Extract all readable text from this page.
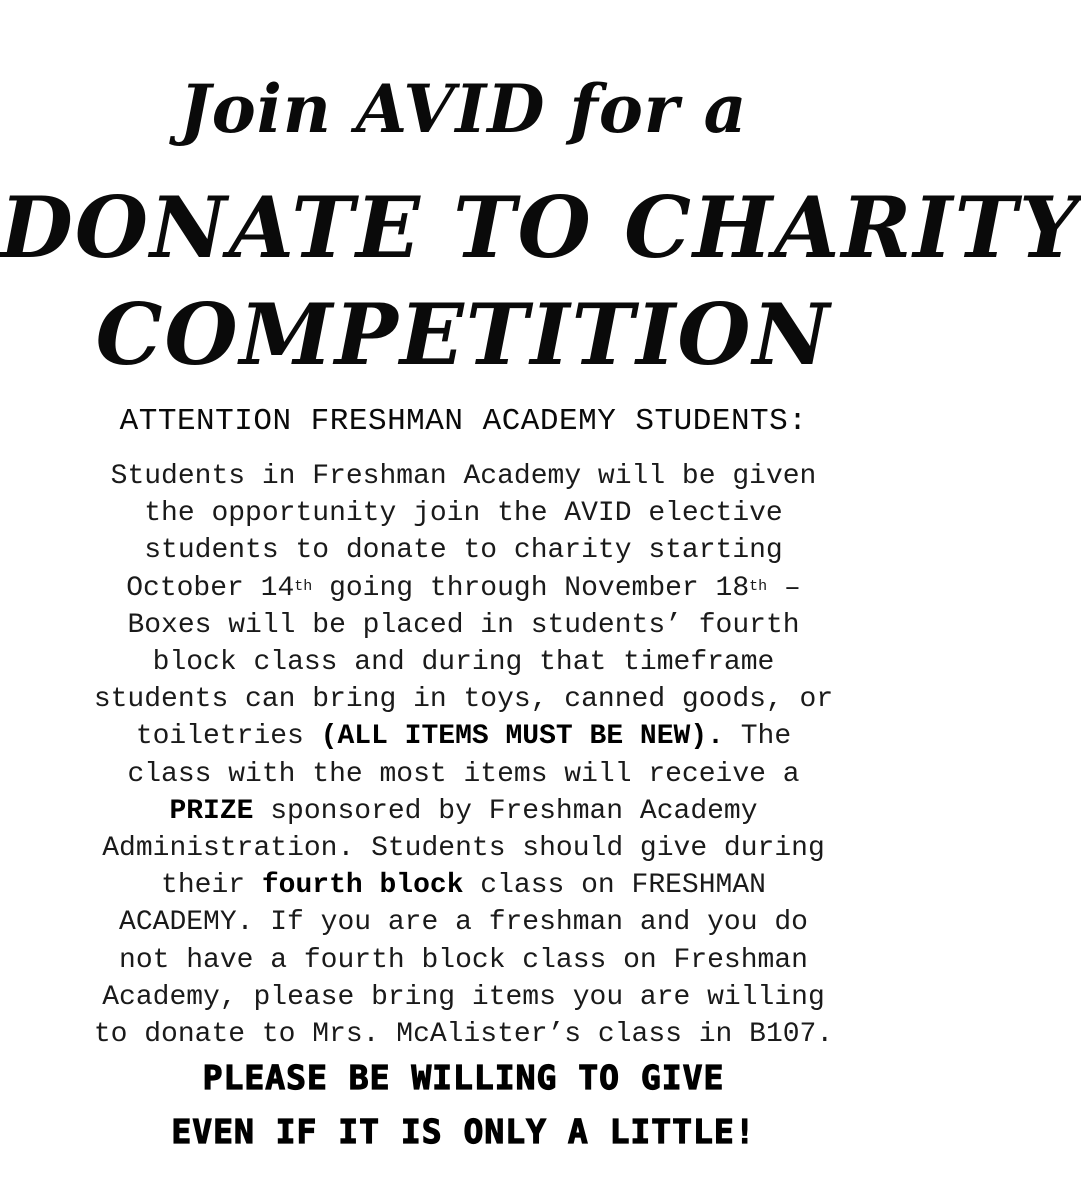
Join AVID for a
DONATE TO CHARITY
COMPETITION
ATTENTION FRESHMAN ACADEMY STUDENTS:
Students in Freshman Academy will be given
the opportunity join the AVID elective
students to donate to charity starting
October 14th going through November 18th –
Boxes will be placed in students’ fourth
block class and during that timeframe
students can bring in toys, canned goods, or
toiletries (ALL ITEMS MUST BE NEW). The
class with the most items will receive a
PRIZE sponsored by Freshman Academy
Administration. Students should give during
their fourth block class on FRESHMAN
ACADEMY. If you are a freshman and you do
not have a fourth block class on Freshman
Academy, please bring items you are willing
to donate to Mrs. McAlister’s class in B107.
PLEASE BE WILLING TO GIVE
EVEN IF IT IS ONLY A LITTLE!
